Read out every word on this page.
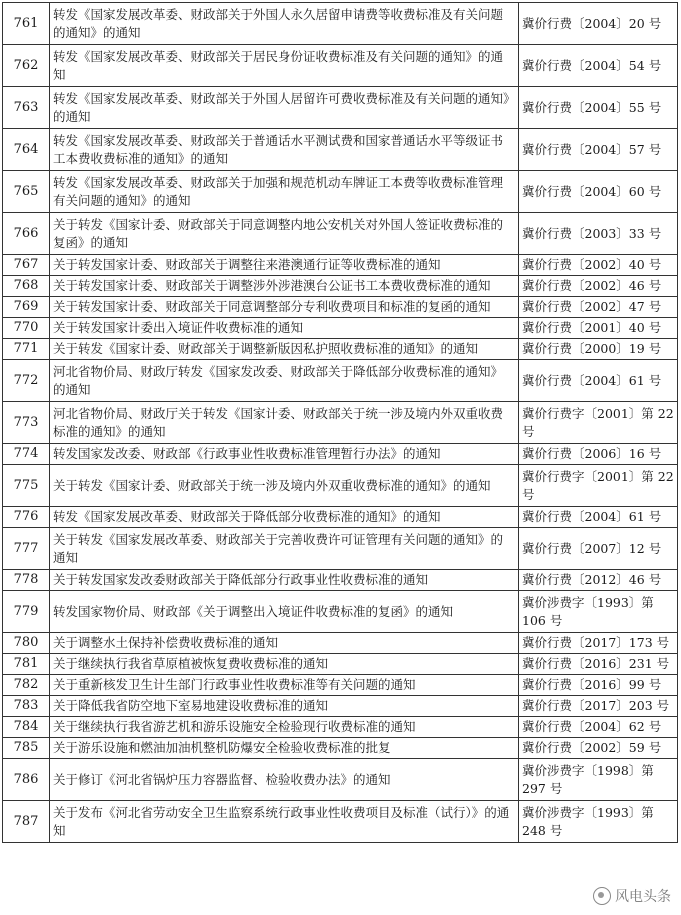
761	转发《国家发展改革委、财政部关于外国人永久居留申请费等收费标准及有关问题的通知》的通知	冀价行费〔2004〕20 号
762	转发《国家发展改革委、财政部关于居民身份证收费标准及有关问题的通知》的通知	冀价行费〔2004〕54 号
763	转发《国家发展改革委、财政部关于外国人居留许可费收费标准及有关问题的通知》的通知	冀价行费〔2004〕55 号
764	转发《国家发展改革委、财政部关于普通话水平测试费和国家普通话水平等级证书工本费收费标准的通知》的通知	冀价行费〔2004〕57 号
765	转发《国家发展改革委、财政部关于加强和规范机动车牌证工本费等收费标准管理有关问题的通知》的通知	冀价行费〔2004〕60 号
766	关于转发《国家计委、财政部关于同意调整内地公安机关对外国人签证收费标准的复函》的通知	冀价行费〔2003〕33 号
767	关于转发国家计委、财政部关于调整往来港澳通行证等收费标准的通知	冀价行费〔2002〕40 号
768	关于转发国家计委、财政部关于调整涉外涉港澳台公证书工本费收费标准的通知	冀价行费〔2002〕46 号
769	关于转发国家计委、财政部关于同意调整部分专利收费项目和标准的复函的通知	冀价行费〔2002〕47 号
770	关于转发国家计委出入境证件收费标准的通知	冀价行费〔2001〕40 号
771	关于转发《国家计委、财政部关于调整新版因私护照收费标准的通知》的通知	冀价行费〔2000〕19 号
772	河北省物价局、财政厅转发《国家发改委、财政部关于降低部分收费标准的通知》的通知	冀价行费〔2004〕61 号
773	河北省物价局、财政厅关于转发《国家计委、财政部关于统一涉及境内外双重收费标准的通知》的通知	冀价行费字〔2001〕第 22 号
774	转发国家发改委、财政部《行政事业性收费标准管理暂行办法》的通知	冀价行费〔2006〕16 号
775	关于转发《国家计委、财政部关于统一涉及境内外双重收费标准的通知》的通知	冀价行费字〔2001〕第 22 号
776	转发《国家发展改革委、财政部关于降低部分收费标准的通知》的通知	冀价行费〔2004〕61 号
777	关于转发《国家发展改革委、财政部关于完善收费许可证管理有关问题的通知》的通知	冀价行费〔2007〕12 号
778	关于转发国家发改委财政部关于降低部分行政事业性收费标准的通知	冀价行费〔2012〕46 号
779	转发国家物价局、财政部《关于调整出入境证件收费标准的复函》的通知	冀价涉费字〔1993〕第 106 号
780	关于调整水土保持补偿费收费标准的通知	冀价行费〔2017〕173 号
781	关于继续执行我省草原植被恢复费收费标准的通知	冀价行费〔2016〕231 号
782	关于重新核发卫生计生部门行政事业性收费标准等有关问题的通知	冀价行费〔2016〕99 号
783	关于降低我省防空地下室易地建设收费标准的通知	冀价行费〔2017〕203 号
784	关于继续执行我省游艺机和游乐设施安全检验现行收费标准的通知	冀价行费〔2004〕62 号
785	关于游乐设施和燃油加油机整机防爆安全检验收费标准的批复	冀价行费〔2002〕59 号
786	关于修订《河北省锅炉压力容器监督、检验收费办法》的通知	冀价涉费字〔1998〕第 297 号
787	关于发布《河北省劳动安全卫生监察系统行政事业性收费项目及标准（试行）》的通知	冀价涉费字〔1993〕第 248 号
风电头条
